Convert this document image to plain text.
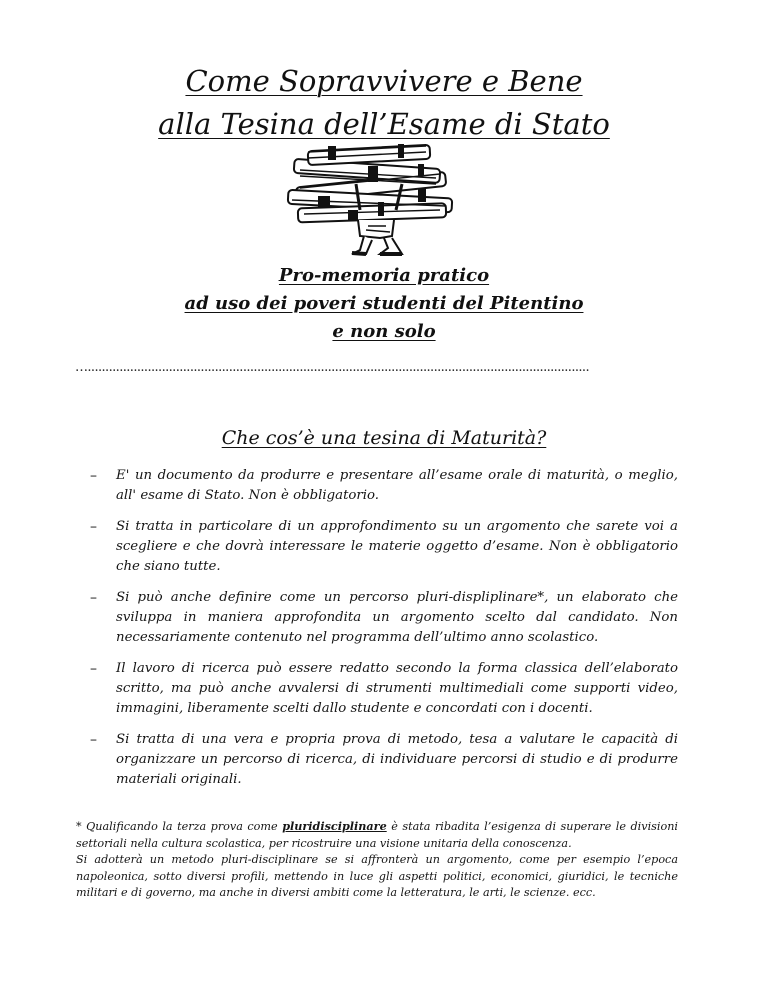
Come Sopravvivere e Bene
alla Tesina dell’Esame di Stato
Pro-memoria pratico
ad uso dei poveri studenti del Pitentino
e non solo
…..............................................................................................................................................
Che cos’è una tesina di Maturità?
– E' un documento da produrre e presentare all’esame orale di maturità, o meglio, all' esame di Stato. Non è obbligatorio.
– Si tratta in particolare di un approfondimento su un argomento che sarete voi a scegliere e che dovrà interessare le materie oggetto d’esame. Non è obbligatorio che siano tutte.
– Si può anche definire come un percorso pluri-displiplinare*, un elaborato che sviluppa in maniera approfondita un argomento scelto dal candidato. Non necessariamente contenuto nel programma dell’ultimo anno scolastico.
– Il lavoro di ricerca può essere redatto secondo la forma classica dell’elaborato scritto, ma può anche avvalersi di strumenti multimediali come supporti video, immagini, liberamente scelti dallo studente e concordati con i docenti.
– Si tratta di una vera e propria prova di metodo, tesa a valutare le capacità di organizzare un percorso di ricerca, di individuare percorsi di studio e di produrre materiali originali.

* Qualificando la terza prova come pluridisciplinare è stata ribadita l’esigenza di superare le divisioni settoriali nella cultura scolastica, per ricostruire una visione unitaria della conoscenza.

Si adotterà un metodo pluri-disciplinare se si affronterà un argomento, come per esempio l’epoca napoleonica, sotto diversi profili, mettendo in luce gli aspetti politici, economici, giuridici, le tecniche militari e di governo, ma anche in diversi ambiti come la letteratura, le arti, le scienze. ecc.
